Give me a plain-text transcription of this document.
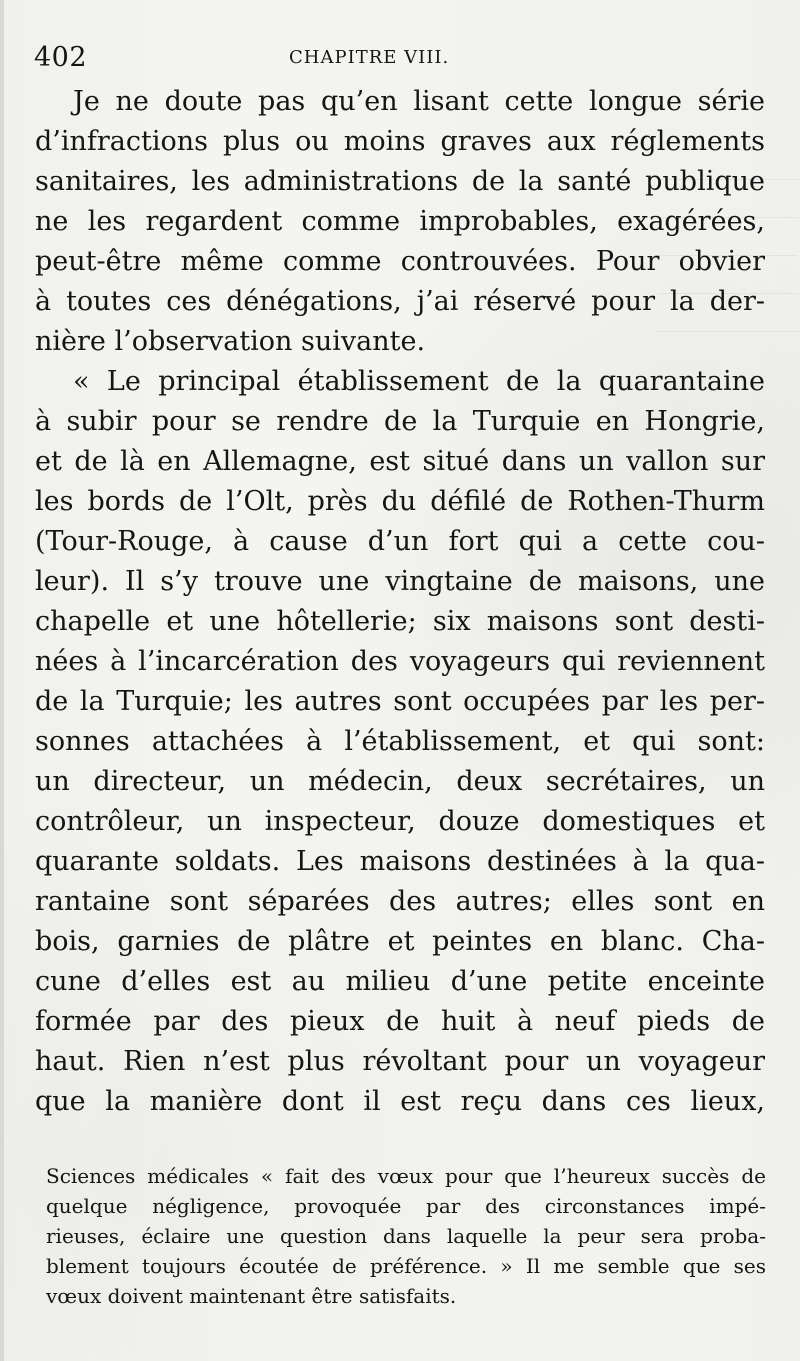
402	CHAPITRE VIII.
Je ne doute pas qu’en lisant cette longue série
d’infractions plus ou moins graves aux réglements
sanitaires, les administrations de la santé publique
ne les regardent comme improbables, exagérées,
peut-être même comme controuvées. Pour obvier
à toutes ces dénégations, j’ai réservé pour la der-
nière l’observation suivante.
« Le principal établissement de la quarantaine
à subir pour se rendre de la Turquie en Hongrie,
et de là en Allemagne, est situé dans un vallon sur
les bords de l’Olt, près du défilé de Rothen-Thurm
(Tour-Rouge, à cause d’un fort qui a cette cou-
leur). Il s’y trouve une vingtaine de maisons, une
chapelle et une hôtellerie; six maisons sont desti-
nées à l’incarcération des voyageurs qui reviennent
de la Turquie; les autres sont occupées par les per-
sonnes attachées à l’établissement, et qui sont:
un directeur, un médecin, deux secrétaires, un
contrôleur, un inspecteur, douze domestiques et
quarante soldats. Les maisons destinées à la qua-
rantaine sont séparées des autres; elles sont en
bois, garnies de plâtre et peintes en blanc. Cha-
cune d’elles est au milieu d’une petite enceinte
formée par des pieux de huit à neuf pieds de
haut. Rien n’est plus révoltant pour un voyageur
que la manière dont il est reçu dans ces lieux,
Sciences médicales « fait des vœux pour que l’heureux succès de
quelque négligence, provoquée par des circonstances impé-
rieuses, éclaire une question dans laquelle la peur sera proba-
blement toujours écoutée de préférence. » Il me semble que ses
vœux doivent maintenant être satisfaits.
